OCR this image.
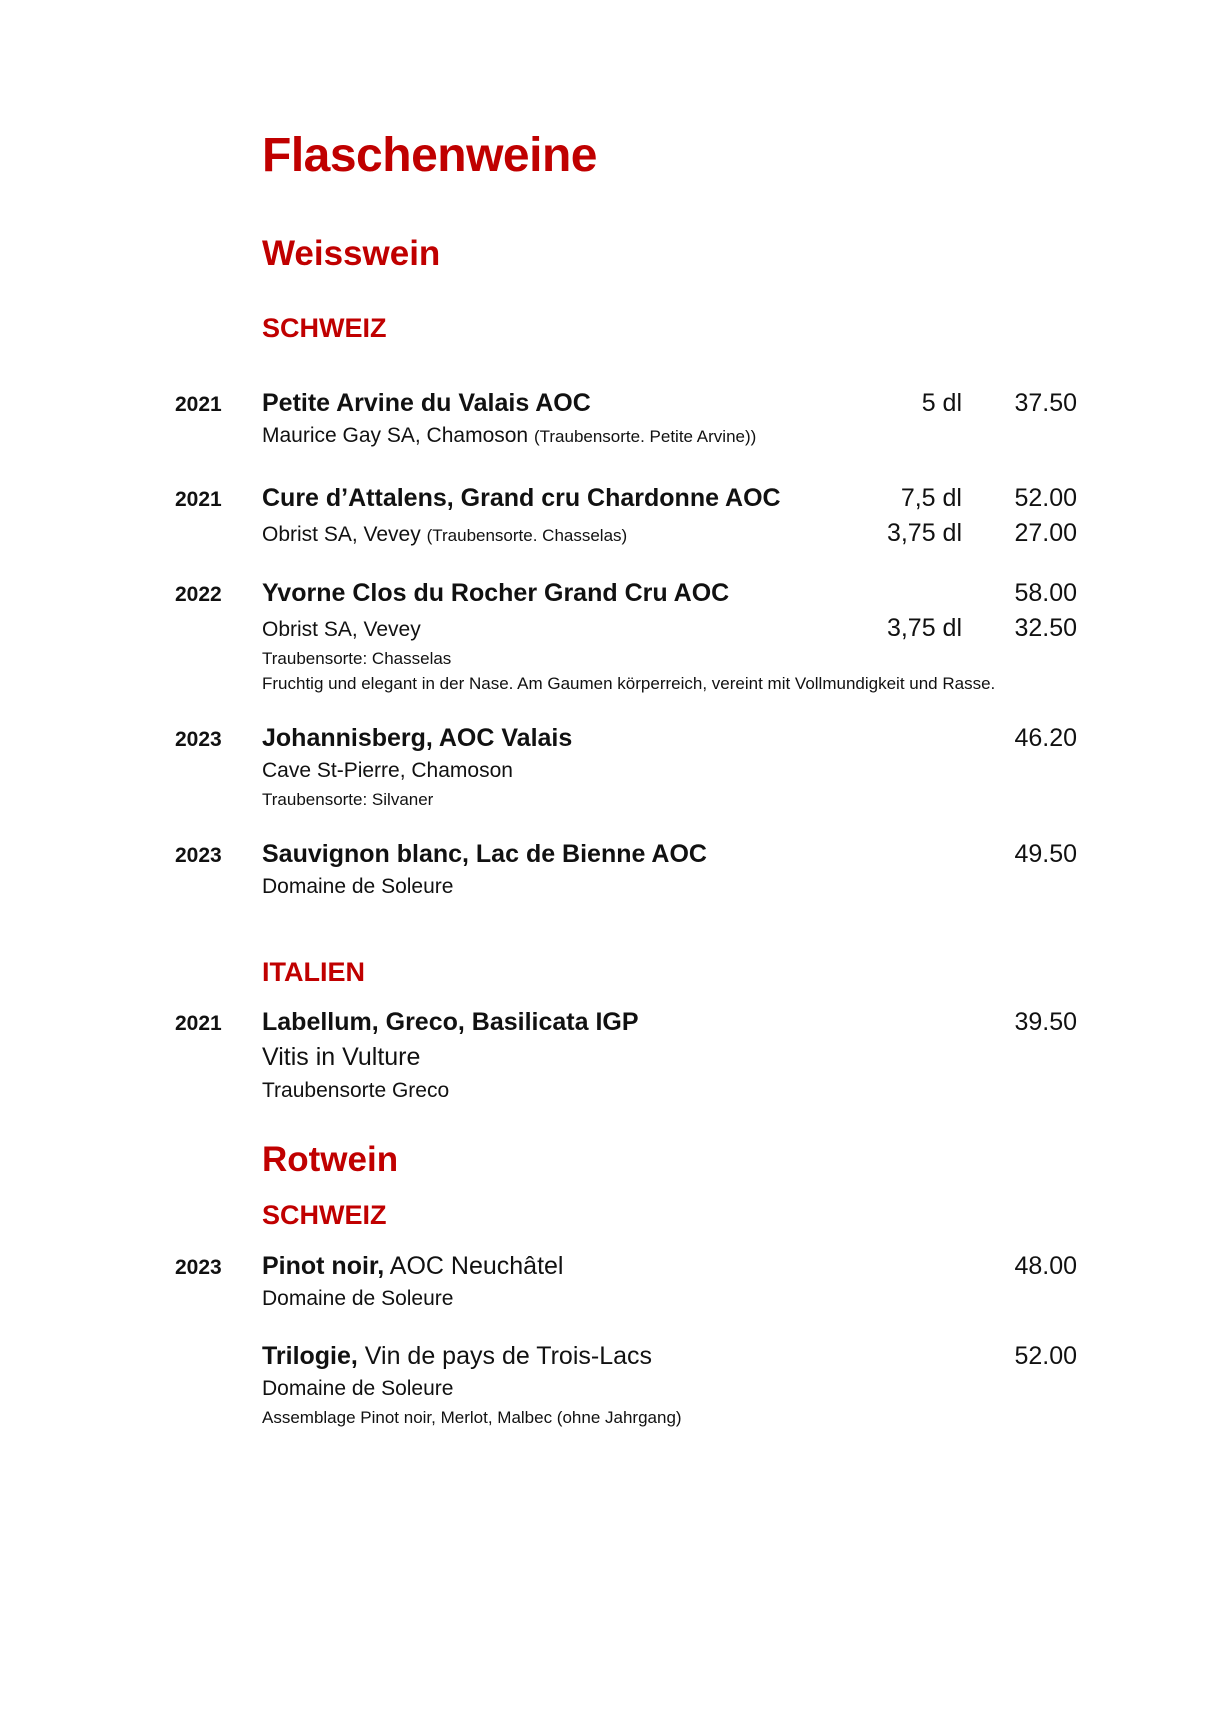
Flaschenweine
Weisswein
SCHWEIZ
2021 Petite Arvine du Valais AOC	5 dl 37.50
Maurice Gay SA, Chamoson (Traubensorte. Petite Arvine))
2021 Cure d’Attalens, Grand cru Chardonne AOC	7,5 dl 52.00
Obrist SA, Vevey (Traubensorte. Chasselas)	3,75 dl 27.00
2022 Yvorne Clos du Rocher Grand Cru AOC	58.00
Obrist SA, Vevey	3,75 dl 32.50
Traubensorte: Chasselas
Fruchtig und elegant in der Nase. Am Gaumen körperreich, vereint mit Vollmundigkeit und Rasse.
2023 Johannisberg, AOC Valais	46.20
Cave St-Pierre, Chamoson
Traubensorte: Silvaner
2023 Sauvignon blanc, Lac de Bienne AOC	49.50
Domaine de Soleure
ITALIEN
2021 Labellum, Greco, Basilicata IGP	39.50
Vitis in Vulture
Traubensorte Greco
Rotwein
SCHWEIZ
2023 Pinot noir, AOC Neuchâtel	48.00
Domaine de Soleure
Trilogie, Vin de pays de Trois-Lacs	52.00
Domaine de Soleure
Assemblage Pinot noir, Merlot, Malbec (ohne Jahrgang)
